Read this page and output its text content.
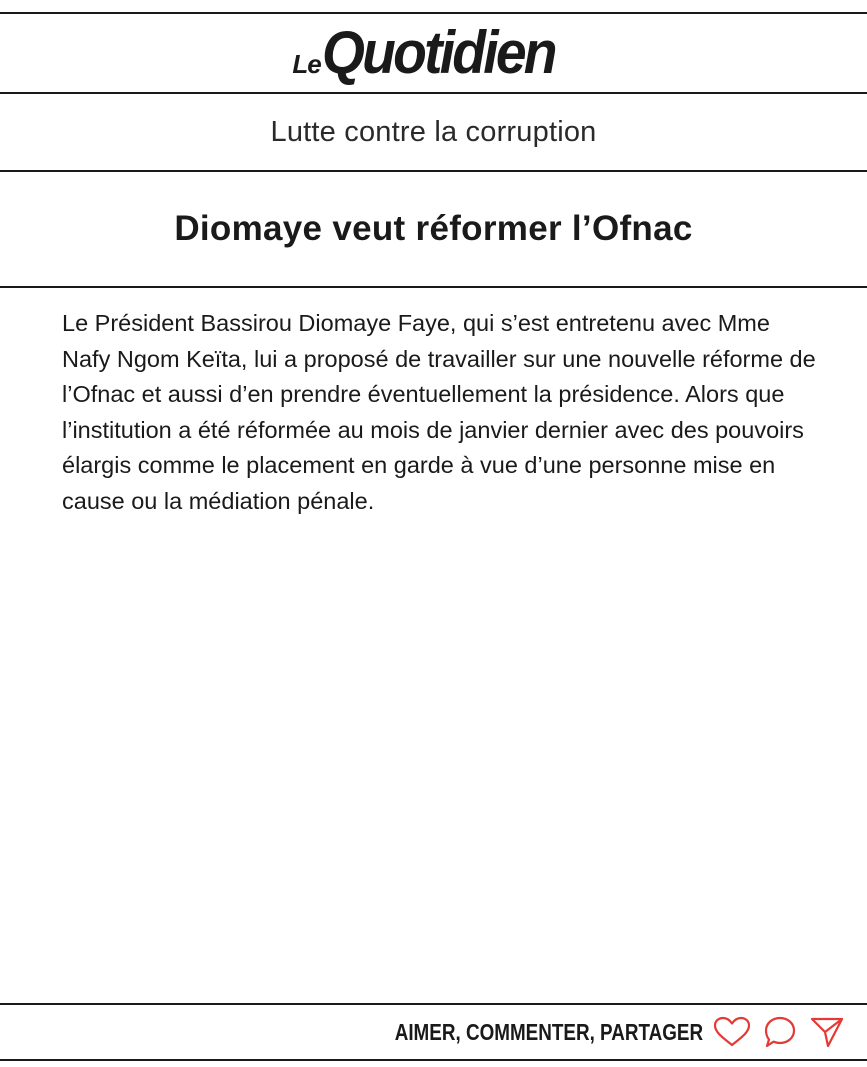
Le Quotidien
Lutte contre la corruption
Diomaye veut réformer l’Ofnac

Le Président Bassirou Diomaye Faye, qui s’est entretenu avec Mme Nafy Ngom Keïta, lui a proposé de travailler sur une nouvelle réforme de l’Ofnac et aussi d’en prendre éventuellement la présidence. Alors que l’institution a été réformée au mois de janvier dernier avec des pouvoirs élargis comme le placement en garde à vue d’une personne mise en cause ou la médiation pénale.

AIMER, COMMENTER, PARTAGER
